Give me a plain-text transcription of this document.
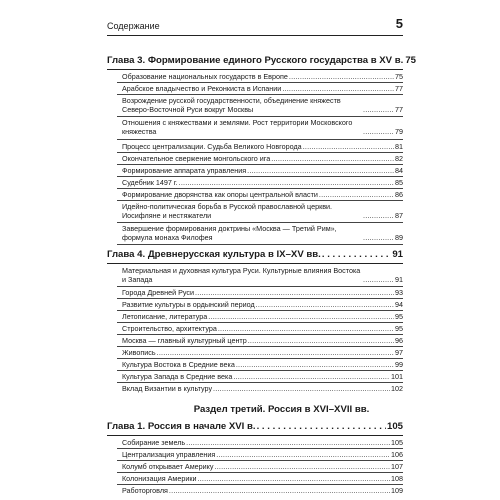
Содержание	5
Глава 3. Формирование единого Русского государства в XV в. 75
Образование национальных государств в Европе .....	75
Арабское владычество и Реконкиста в Испании .....	77
Возрождение русской государственности, объединение княжеств Северо-Восточной Руси вокруг Москвы .....	77
Отношения с княжествами и землями. Рост территории Московского княжества .....	79
Процесс централизации. Судьба Великого Новгорода .....	81
Окончательное свержение монгольского ига .....	82
Формирование аппарата управления .....	84
Судебник 1497 г. .....	85
Формирование дворянства как опоры центральной власти .....	86
Идейно-политическая борьба в Русской православной церкви. Иосифляне и нестяжатели .....	87
Завершение формирования доктрины «Москва — Третий Рим», формула монаха Филофея .....	89
Глава 4. Древнерусская культура в IX–XV вв. . . .	91
Материальная и духовная культура Руси. Культурные влияния Востока и Запада .....	91
Города Древней Руси .....	93
Развитие культуры в ордынский период .....	94
Летописание, литература .....	95
Строительство, архитектура .....	95
Москва — главный культурный центр .....	96
Живопись .....	97
Культура Востока в Средние века .....	99
Культура Запада в Средние века .....	101
Вклад Византии в культуру .....	102
Раздел третий. Россия в XVI–XVII вв.
Глава 1. Россия в начале XVI в. . . .	105
Собирание земель .....	105
Централизация управления .....	106
Колумб открывает Америку .....	107
Колонизация Америки .....	108
Работорговля .....	109
